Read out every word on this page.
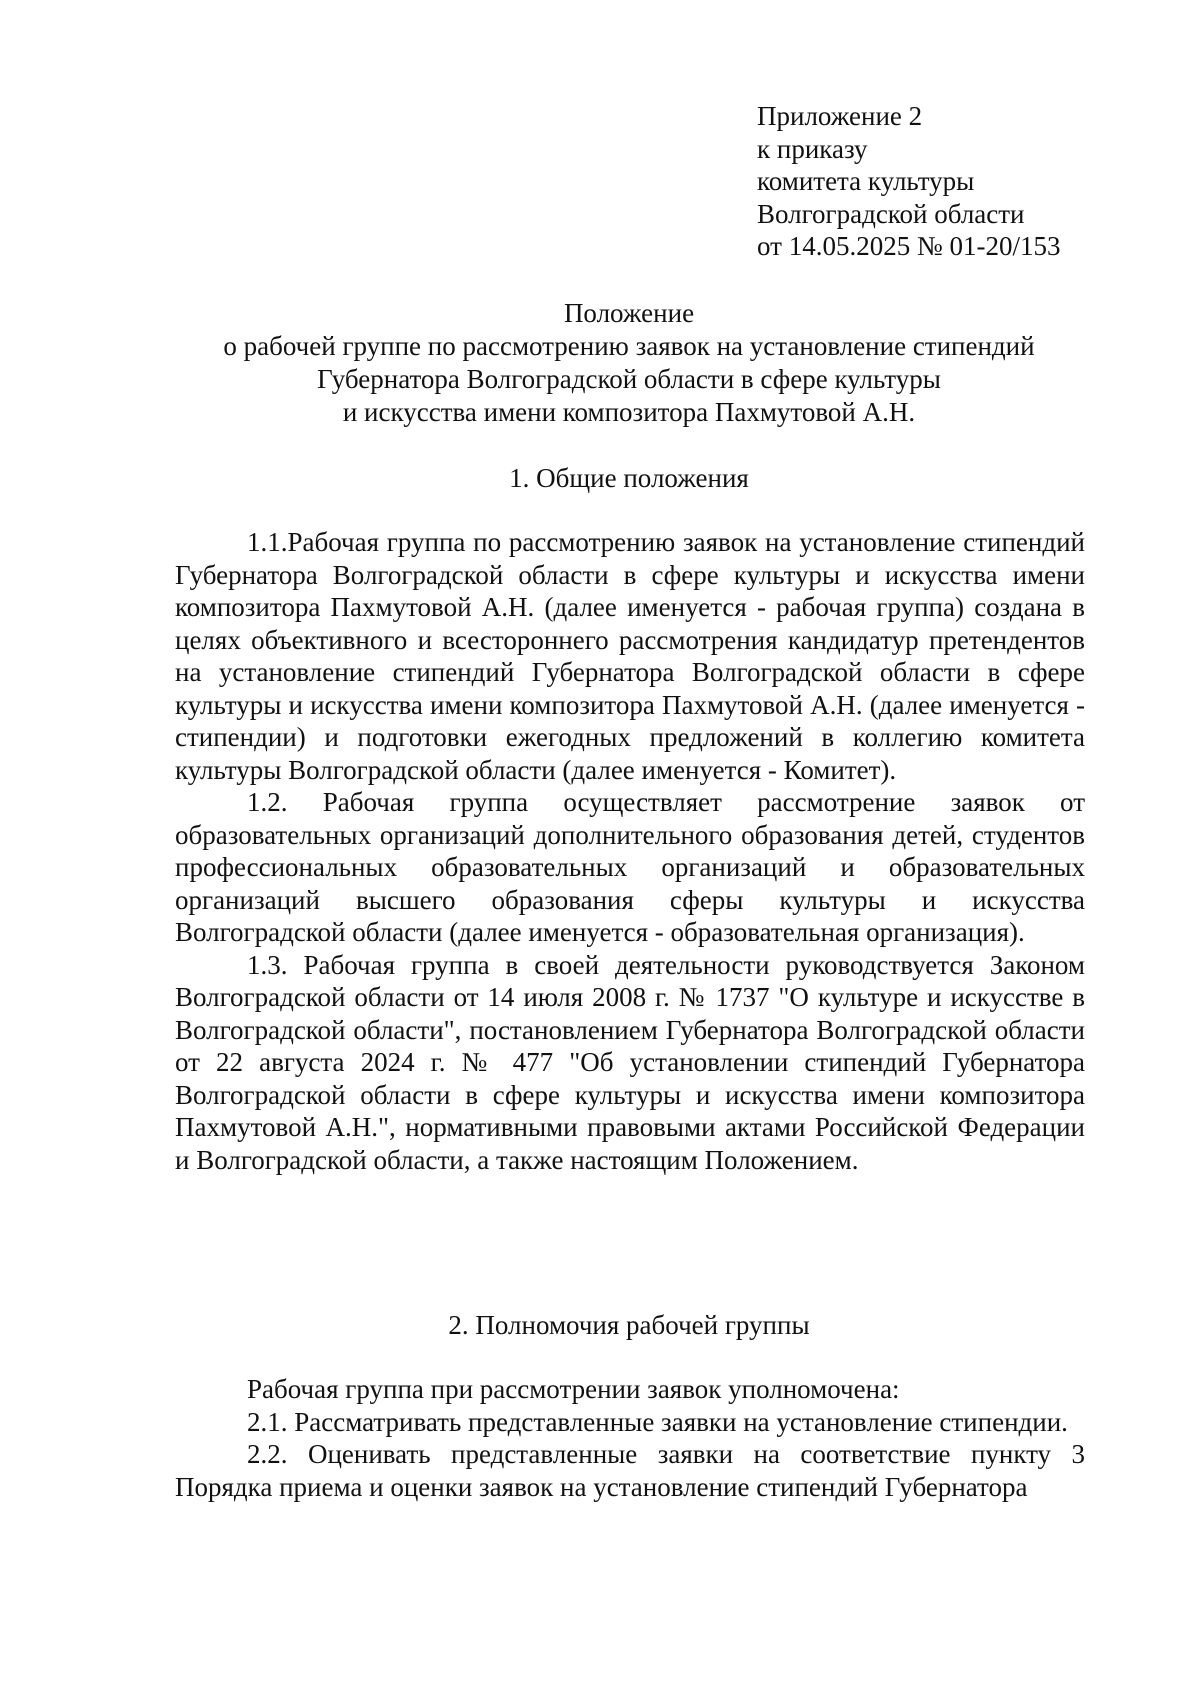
Приложение 2
к приказу
комитета культуры
Волгоградской области
от 14.05.2025 № 01-20/153
Положение
о рабочей группе по рассмотрению заявок на установление стипендий
Губернатора Волгоградской области в сфере культуры
и искусства имени композитора Пахмутовой А.Н.
1. Общие положения

1.1.Рабочая группа по рассмотрению заявок на установление стипендий Губернатора Волгоградской области в сфере культуры и искусства имени композитора Пахмутовой А.Н. (далее именуется - рабочая группа) создана в целях объективного и всестороннего рассмотрения кандидатур претендентов на установление стипендий Губернатора Волгоградской области в сфере культуры и искусства имени композитора Пахмутовой А.Н. (далее именуется - стипендии) и подготовки ежегодных предложений в коллегию комитета культуры Волгоградской области (далее именуется - Комитет).

1.2. Рабочая группа осуществляет рассмотрение заявок от образовательных организаций дополнительного образования детей, студентов профессиональных образовательных организаций и образовательных организаций высшего образования сферы культуры и искусства Волгоградской области (далее именуется - образовательная организация).

1.3. Рабочая группа в своей деятельности руководствуется Законом Волгоградской области от 14 июля 2008 г. № 1737 "О культуре и искусстве в Волгоградской области", постановлением Губернатора Волгоградской области от 22 августа 2024 г. № 477 "Об установлении стипендий Губернатора Волгоградской области в сфере культуры и искусства имени композитора Пахмутовой А.Н.", нормативными правовыми актами Российской Федерации и Волгоградской области, а также настоящим Положением.

2. Полномочия рабочей группы

Рабочая группа при рассмотрении заявок уполномочена:

2.1. Рассматривать представленные заявки на установление стипендии.

2.2. Оценивать представленные заявки на соответствие пункту 3 Порядка приема и оценки заявок на установление стипендий Губернатора
